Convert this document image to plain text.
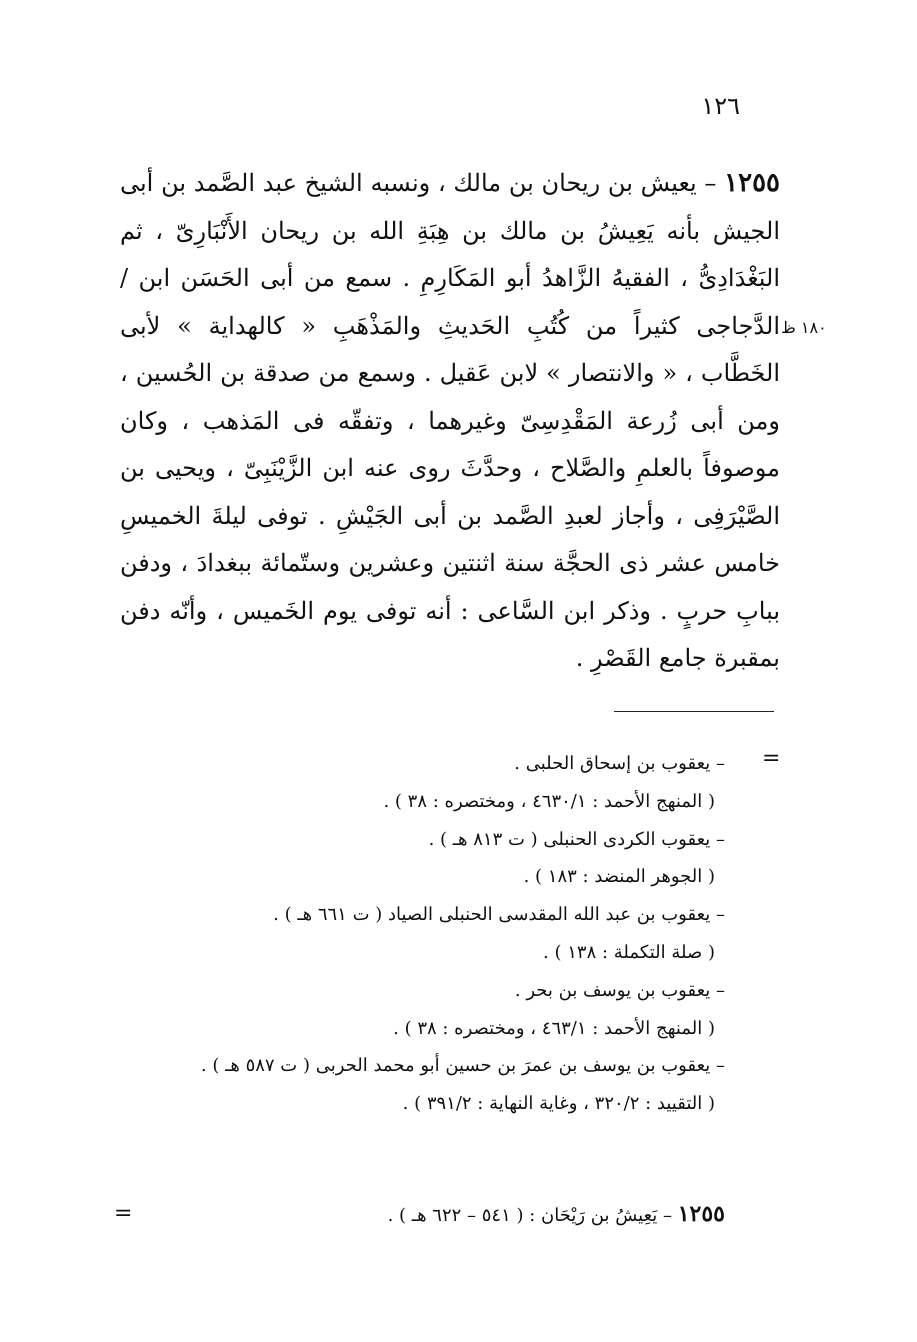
١٢٦
١٢٥٥ – يعيش بن ريحان بن مالك ، ونسبه الشيخ عبد الصَّمد بن أبى الجيش بأنه يَعِيشُ بن مالك بن هِبَةِ الله بن ريحان الأَنْبَارِىّ ، ثم البَغْدَادِىُّ ، الفقيهُ الزَّاهدُ أبو المَكَارِمِ . سمع من أبى الحَسَن ابن / الدَّجاجى كثيراً من كُتُبِ الحَديثِ والمَذْهَبِ « كالهداية » لأبى الخَطَّاب ، « والانتصار » لابن عَقيل . وسمع من صدقة بن الحُسين ، ومن أبى زُرعة المَقْدِسِىّ وغيرهما ، وتفقّه فى المَذهب ، وكان موصوفاً بالعلمِ والصَّلاح ، وحدَّثَ روى عنه ابن الزَّيْنَبِىّ ، ويحيى بن الصَّيْرَفِى ، وأجاز لعبدِ الصَّمد بن أبى الجَيْشِ . توفى ليلةَ الخميسِ خامس عشر ذى الحجَّة سنة اثنتين وعشرين وستّمائة ببغدادَ ، ودفن ببابِ حربٍ . وذكر ابن السَّاعى : أنه توفى يوم الخَميس ، وأنّه دفن بمقبرة جامع القَصْرِ .
١٨٠ ظ
=
– يعقوب بن إسحاق الحلبى .
( المنهج الأحمد : ٤٦٣٠/١ ، ومختصره : ٣٨ ) .
– يعقوب الكردى الحنبلى ( ت ٨١٣ هـ ) .
( الجوهر المنضد : ١٨٣ ) .
– يعقوب بن عبد الله المقدسى الحنبلى الصياد ( ت ٦٦١ هـ ) .
( صلة التكملة : ١٣٨ ) .
– يعقوب بن يوسف بن بحر .
( المنهج الأحمد : ٤٦٣/١ ، ومختصره : ٣٨ ) .
– يعقوب بن يوسف بن عمرَ بن حسين أبو محمد الحربى ( ت ٥٨٧ هـ ) .
( التقييد : ٣٢٠/٢ ، وغاية النهاية : ٣٩١/٢ ) .
١٢٥٥ – يَعِيشُ بن رَيْحَان : ( ٥٤١ – ٦٢٢ هـ ) .
=
